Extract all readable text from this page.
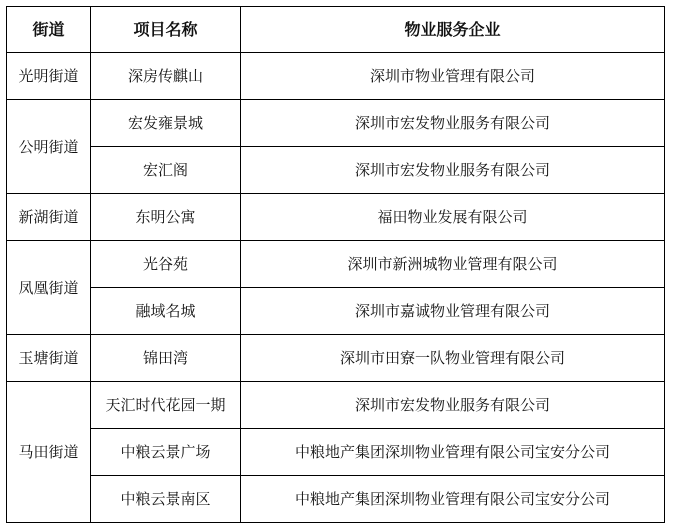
街道	项目名称	物业服务企业
光明街道	深房传麒山	深圳市物业管理有限公司
公明街道	宏发雍景城	深圳市宏发物业服务有限公司
	宏汇阁	深圳市宏发物业服务有限公司
新湖街道	东明公寓	福田物业发展有限公司
凤凰街道	光谷苑	深圳市新洲城物业管理有限公司
	融域名城	深圳市嘉诚物业管理有限公司
玉塘街道	锦田湾	深圳市田寮一队物业管理有限公司
马田街道	天汇时代花园一期	深圳市宏发物业服务有限公司
	中粮云景广场	中粮地产集团深圳物业管理有限公司宝安分公司
	中粮云景南区	中粮地产集团深圳物业管理有限公司宝安分公司
